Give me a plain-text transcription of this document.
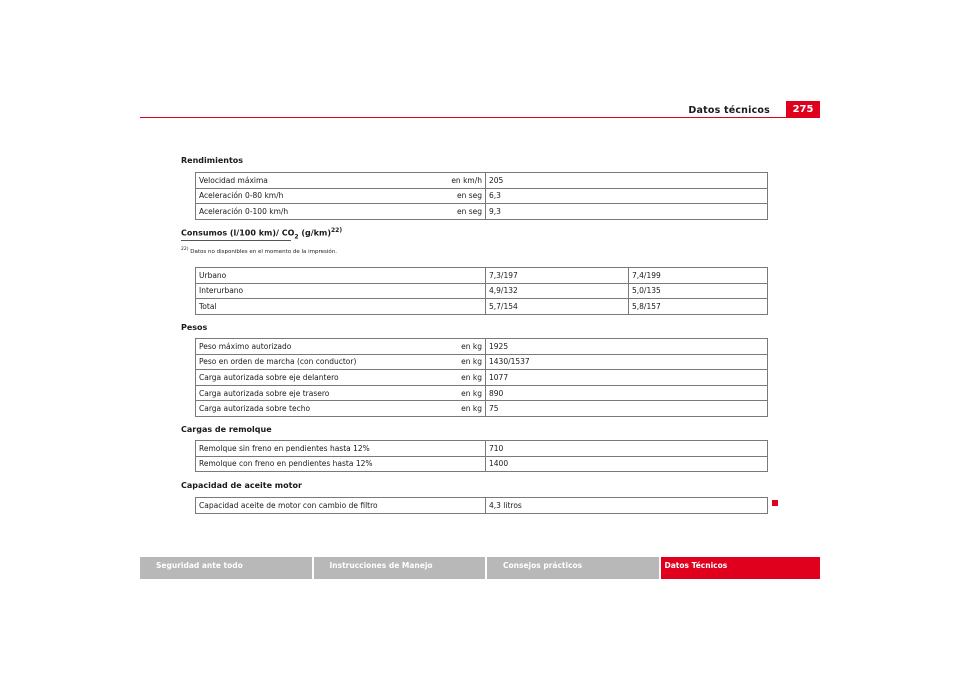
Datos técnicos	275
Rendimientos
Velocidad máxima en km/h	205
Aceleración 0-80 km/h en seg	6,3
Aceleración 0-100 km/h en seg	9,3
Consumos (l/100 km)/ $CO_2$ $(g/km)^{22)}$
$^{22)}$ Datos no disponibles en el momento de la impresión.
Urbano	7,3/197	7,4/199
Interurbano	4,9/132	5,0/135
Total	5,7/154	5,8/157
Pesos
Peso máximo autorizado en kg	1925
Peso en orden de marcha (con conductor) en kg	1430/1537
Carga autorizada sobre eje delantero en kg	1077
Carga autorizada sobre eje trasero en kg	890
Carga autorizada sobre techo en kg	75
Cargas de remolque
Remolque sin freno en pendientes hasta 12%	710
Remolque con freno en pendientes hasta 12%	1400
Capacidad de aceite motor
Capacidad aceite de motor con cambio de filtro	4,3 litros
Seguridad ante todo	Instrucciones de Manejo	Consejos prácticos	Datos Técnicos
